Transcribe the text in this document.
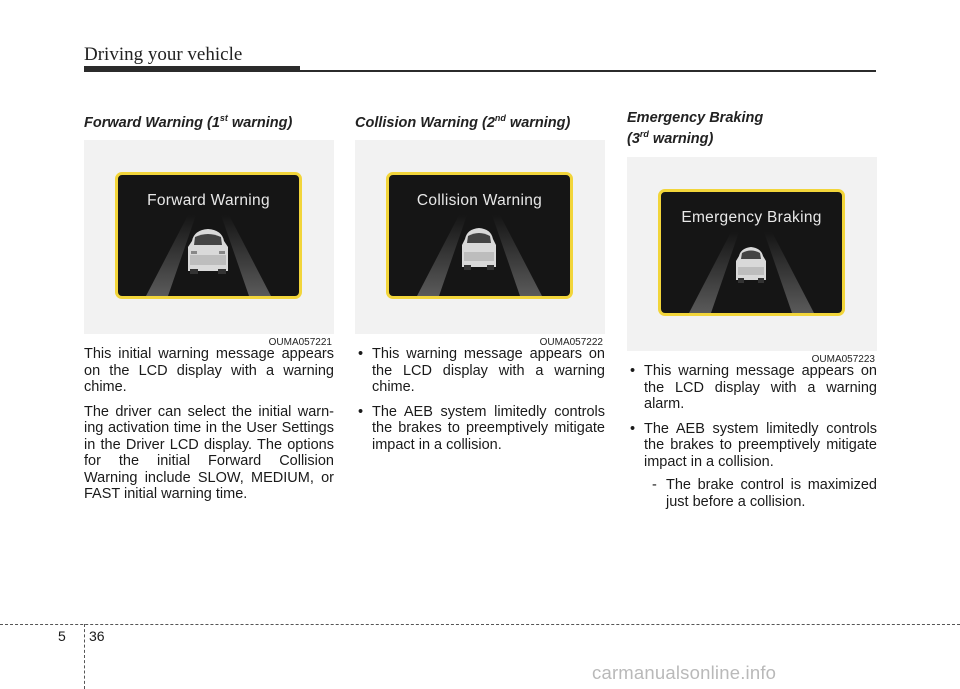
Driving your vehicle
Forward Warning (1st warning)
Forward Warning
OUMA057221

This initial warning message appears on the LCD display with a warning chime.

The driver can select the initial warn-ing activation time in the User Settings in the Driver LCD display. The options for the initial Forward Collision Warning include SLOW, MEDIUM, or FAST initial warning time.

Collision Warning (2nd warning)
Collision Warning
OUMA057222
• This warning message appears on the LCD display with a warning chime.
• The AEB system limitedly controls the brakes to preemptively mitigate impact in a collision.
Emergency Braking
(3rd warning)
Emergency Braking
OUMA057223
• This warning message appears on the LCD display with a warning alarm.
• The AEB system limitedly controls the brakes to preemptively mitigate impact in a collision.
- The brake control is maximized just before a collision.
5 36
carmanualsonline.info
